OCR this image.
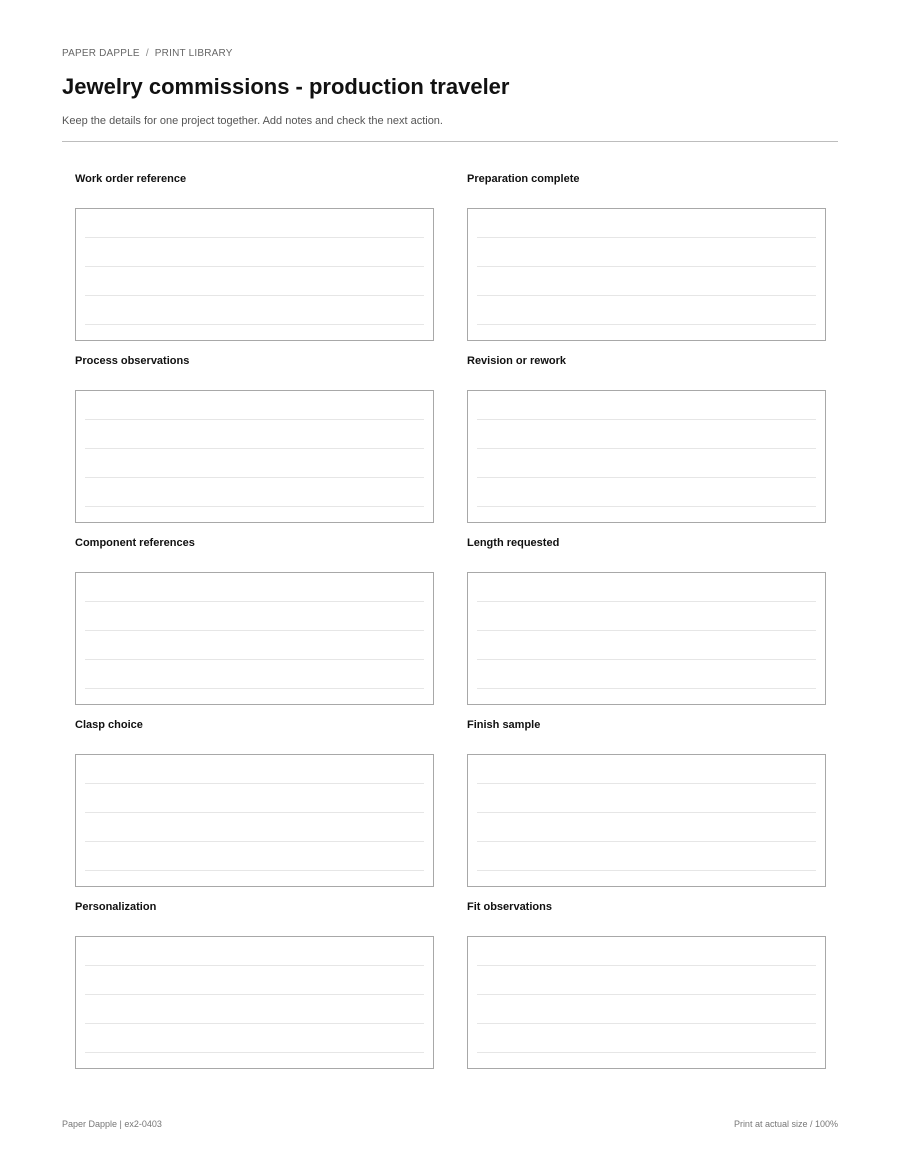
PAPER DAPPLE / PRINT LIBRARY
Jewelry commissions - production traveler
Keep the details for one project together. Add notes and check the next action.
Work order reference	Preparation complete
Process observations	Revision or rework
Component references	Length requested
Clasp choice	Finish sample
Personalization	Fit observations
Paper Dapple | ex2-0403	Print at actual size / 100%
